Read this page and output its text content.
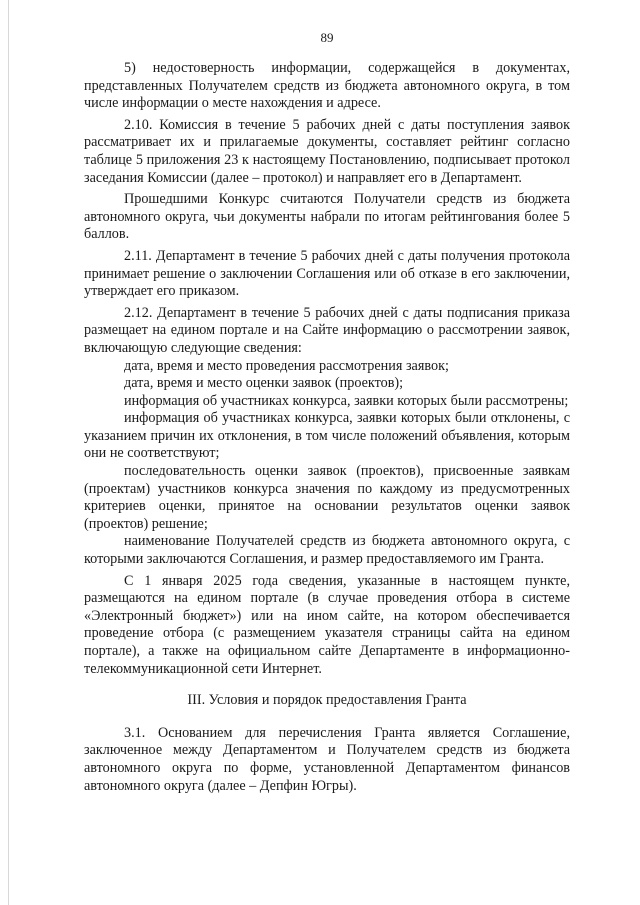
89

5) недостоверность информации, содержащейся в документах, представленных Получателем средств из бюджета автономного округа, в том числе информации о месте нахождения и адресе.

2.10. Комиссия в течение 5 рабочих дней с даты поступления заявок рассматривает их и прилагаемые документы, составляет рейтинг согласно таблице 5 приложения 23 к настоящему Постановлению, подписывает протокол заседания Комиссии (далее – протокол) и направляет его в Департамент.

Прошедшими Конкурс считаются Получатели средств из бюджета автономного округа, чьи документы набрали по итогам рейтингования более 5 баллов.

2.11. Департамент в течение 5 рабочих дней с даты получения протокола принимает решение о заключении Соглашения или об отказе в его заключении, утверждает его приказом.

2.12. Департамент в течение 5 рабочих дней с даты подписания приказа размещает на едином портале и на Сайте информацию о рассмотрении заявок, включающую следующие сведения:

дата, время и место проведения рассмотрения заявок;

дата, время и место оценки заявок (проектов);

информация об участниках конкурса, заявки которых были рассмотрены;

информация об участниках конкурса, заявки которых были отклонены, с указанием причин их отклонения, в том числе положений объявления, которым они не соответствуют;

последовательность оценки заявок (проектов), присвоенные заявкам (проектам) участников конкурса значения по каждому из предусмотренных критериев оценки, принятое на основании результатов оценки заявок (проектов) решение;

наименование Получателей средств из бюджета автономного округа, с которыми заключаются Соглашения, и размер предоставляемого им Гранта.

С 1 января 2025 года сведения, указанные в настоящем пункте, размещаются на едином портале (в случае проведения отбора в системе «Электронный бюджет») или на ином сайте, на котором обеспечивается проведение отбора (с размещением указателя страницы сайта на едином портале), а также на официальном сайте Департаменте в информационно-телекоммуникационной сети Интернет.

III. Условия и порядок предоставления Гранта

3.1. Основанием для перечисления Гранта является Соглашение, заключенное между Департаментом и Получателем средств из бюджета автономного округа по форме, установленной Департаментом финансов автономного округа (далее – Депфин Югры).
